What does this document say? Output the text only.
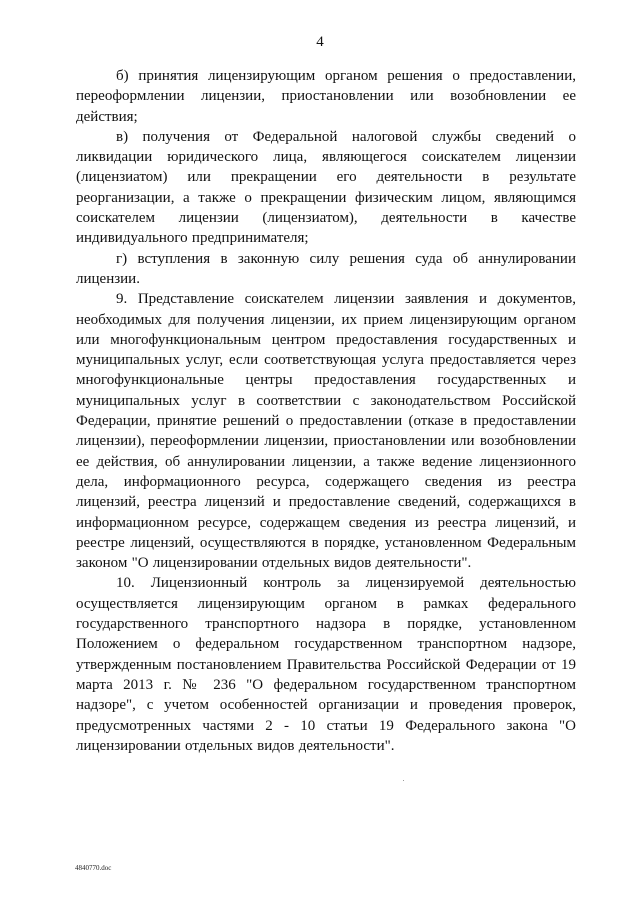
4

б) принятия лицензирующим органом решения о предоставлении, переоформлении лицензии, приостановлении или возобновлении ее действия;

в) получения от Федеральной налоговой службы сведений о ликвидации юридического лица, являющегося соискателем лицензии (лицензиатом) или прекращении его деятельности в результате реорганизации, а также о прекращении физическим лицом, являющимся соискателем лицензии (лицензиатом), деятельности в качестве индивидуального предпринимателя;

г) вступления в законную силу решения суда об аннулировании лицензии.

9. Представление соискателем лицензии заявления и документов, необходимых для получения лицензии, их прием лицензирующим органом или многофункциональным центром предоставления государственных и муниципальных услуг, если соответствующая услуга предоставляется через многофункциональные центры предоставления государственных и муниципальных услуг в соответствии с законодательством Российской Федерации, принятие решений о предоставлении (отказе в предоставлении лицензии), переоформлении лицензии, приостановлении или возобновлении ее действия, об аннулировании лицензии, а также ведение лицензионного дела, информационного ресурса, содержащего сведения из реестра лицензий, реестра лицензий и предоставление сведений, содержащихся в информационном ресурсе, содержащем сведения из реестра лицензий, и реестре лицензий, осуществляются в порядке, установленном Федеральным законом "О лицензировании отдельных видов деятельности".

10. Лицензионный контроль за лицензируемой деятельностью осуществляется лицензирующим органом в рамках федерального государственного транспортного надзора в порядке, установленном Положением о федеральном государственном транспортном надзоре, утвержденным постановлением Правительства Российской Федерации от 19 марта 2013 г. № 236 "О федеральном государственном транспортном надзоре", с учетом особенностей организации и проведения проверок, предусмотренных частями 2 - 10 статьи 19 Федерального закона "О лицензировании отдельных видов деятельности".

4840770.doc
